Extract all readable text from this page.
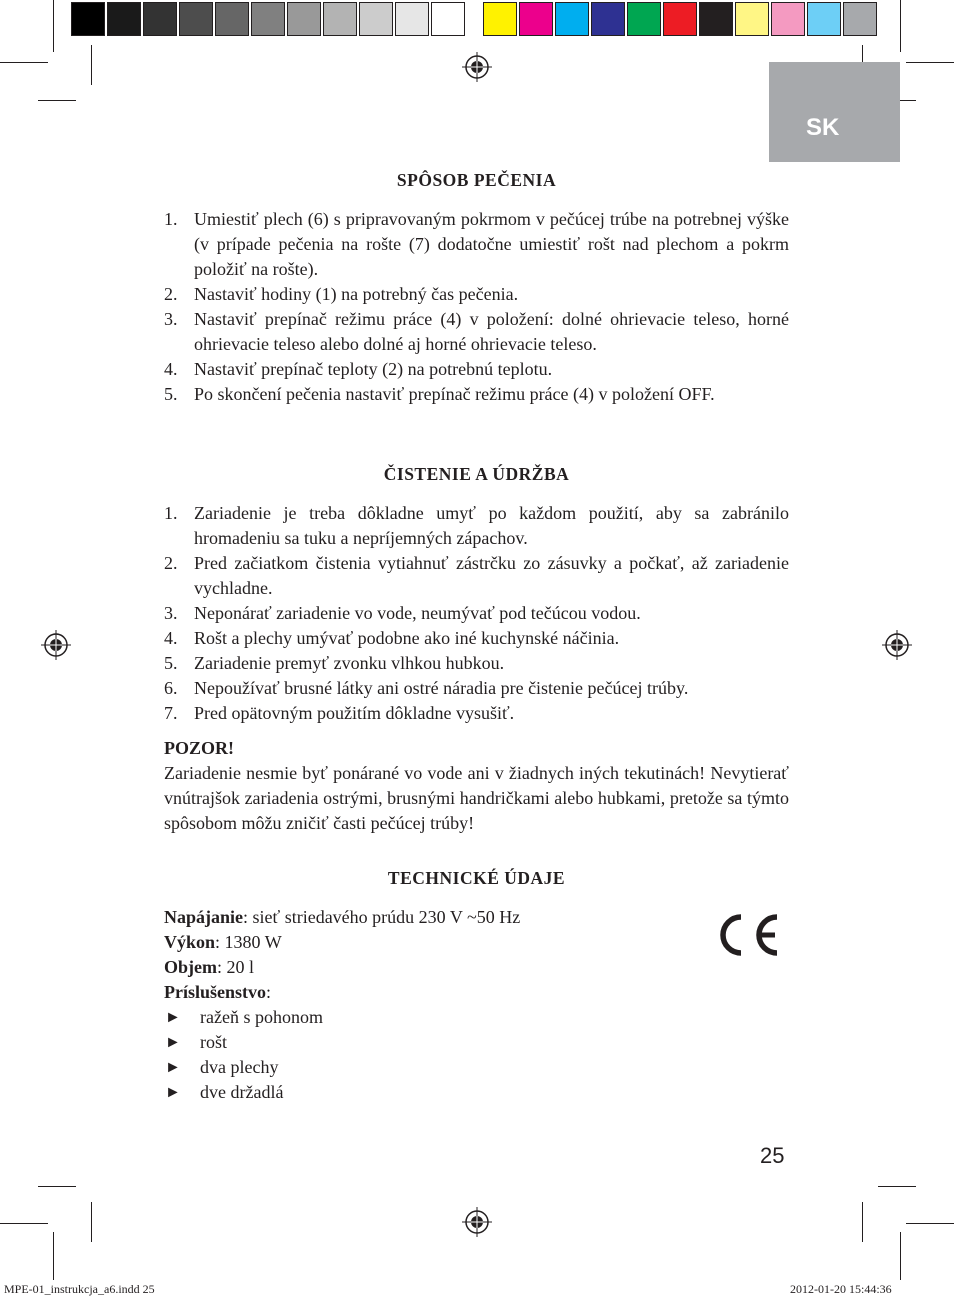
SK
SPÔSOB PEČENIA
1. Umiestiť plech (6) s pripravovaným pokrmom v pečúcej trúbe na potrebnej výške (v prípade pečenia na rošte (7) dodatočne umiestiť rošt nad plechom a pokrm položiť na rošte).
2. Nastaviť hodiny (1) na potrebný čas pečenia.
3. Nastaviť prepínač režimu práce (4) v položení: dolné ohrievacie teleso, horné ohrievacie teleso alebo dolné aj horné ohrievacie teleso.
4. Nastaviť prepínač teploty (2) na potrebnú teplotu.
5. Po skončení pečenia nastaviť prepínač režimu práce (4) v položení OFF.
ČISTENIE A ÚDRŽBA
1. Zariadenie je treba dôkladne umyť po každom použití, aby sa zabránilo hromadeniu sa tuku a nepríjemných zápachov.
2. Pred začiatkom čistenia vytiahnuť zástrčku zo zásuvky a počkať, až zariadenie vychladne.
3. Neponárať zariadenie vo vode, neumývať pod tečúcou vodou.
4. Rošt a plechy umývať podobne ako iné kuchynské náčinia.
5. Zariadenie premyť zvonku vlhkou hubkou.
6. Nepoužívať brusné látky ani ostré náradia pre čistenie pečúcej trúby.
7. Pred opätovným použitím dôkladne vysušiť.
POZOR!
Zariadenie nesmie byť ponárané vo vode ani v žiadnych iných tekutinách! Nevytierať vnútrajšok zariadenia ostrými, brusnými handričkami alebo hubkami, pretože sa týmto spôsobom môžu zničiť časti pečúcej trúby!
TECHNICKÉ ÚDAJE
Napájanie: sieť striedavého prúdu 230 V ~50 Hz
Výkon: 1380 W
Objem: 20 l
Príslušenstvo:
► ražeň s pohonom
► rošt
► dva plechy
► dve držadlá
25
MPE-01_instrukcja_a6.indd 25	2012-01-20 15:44:36
